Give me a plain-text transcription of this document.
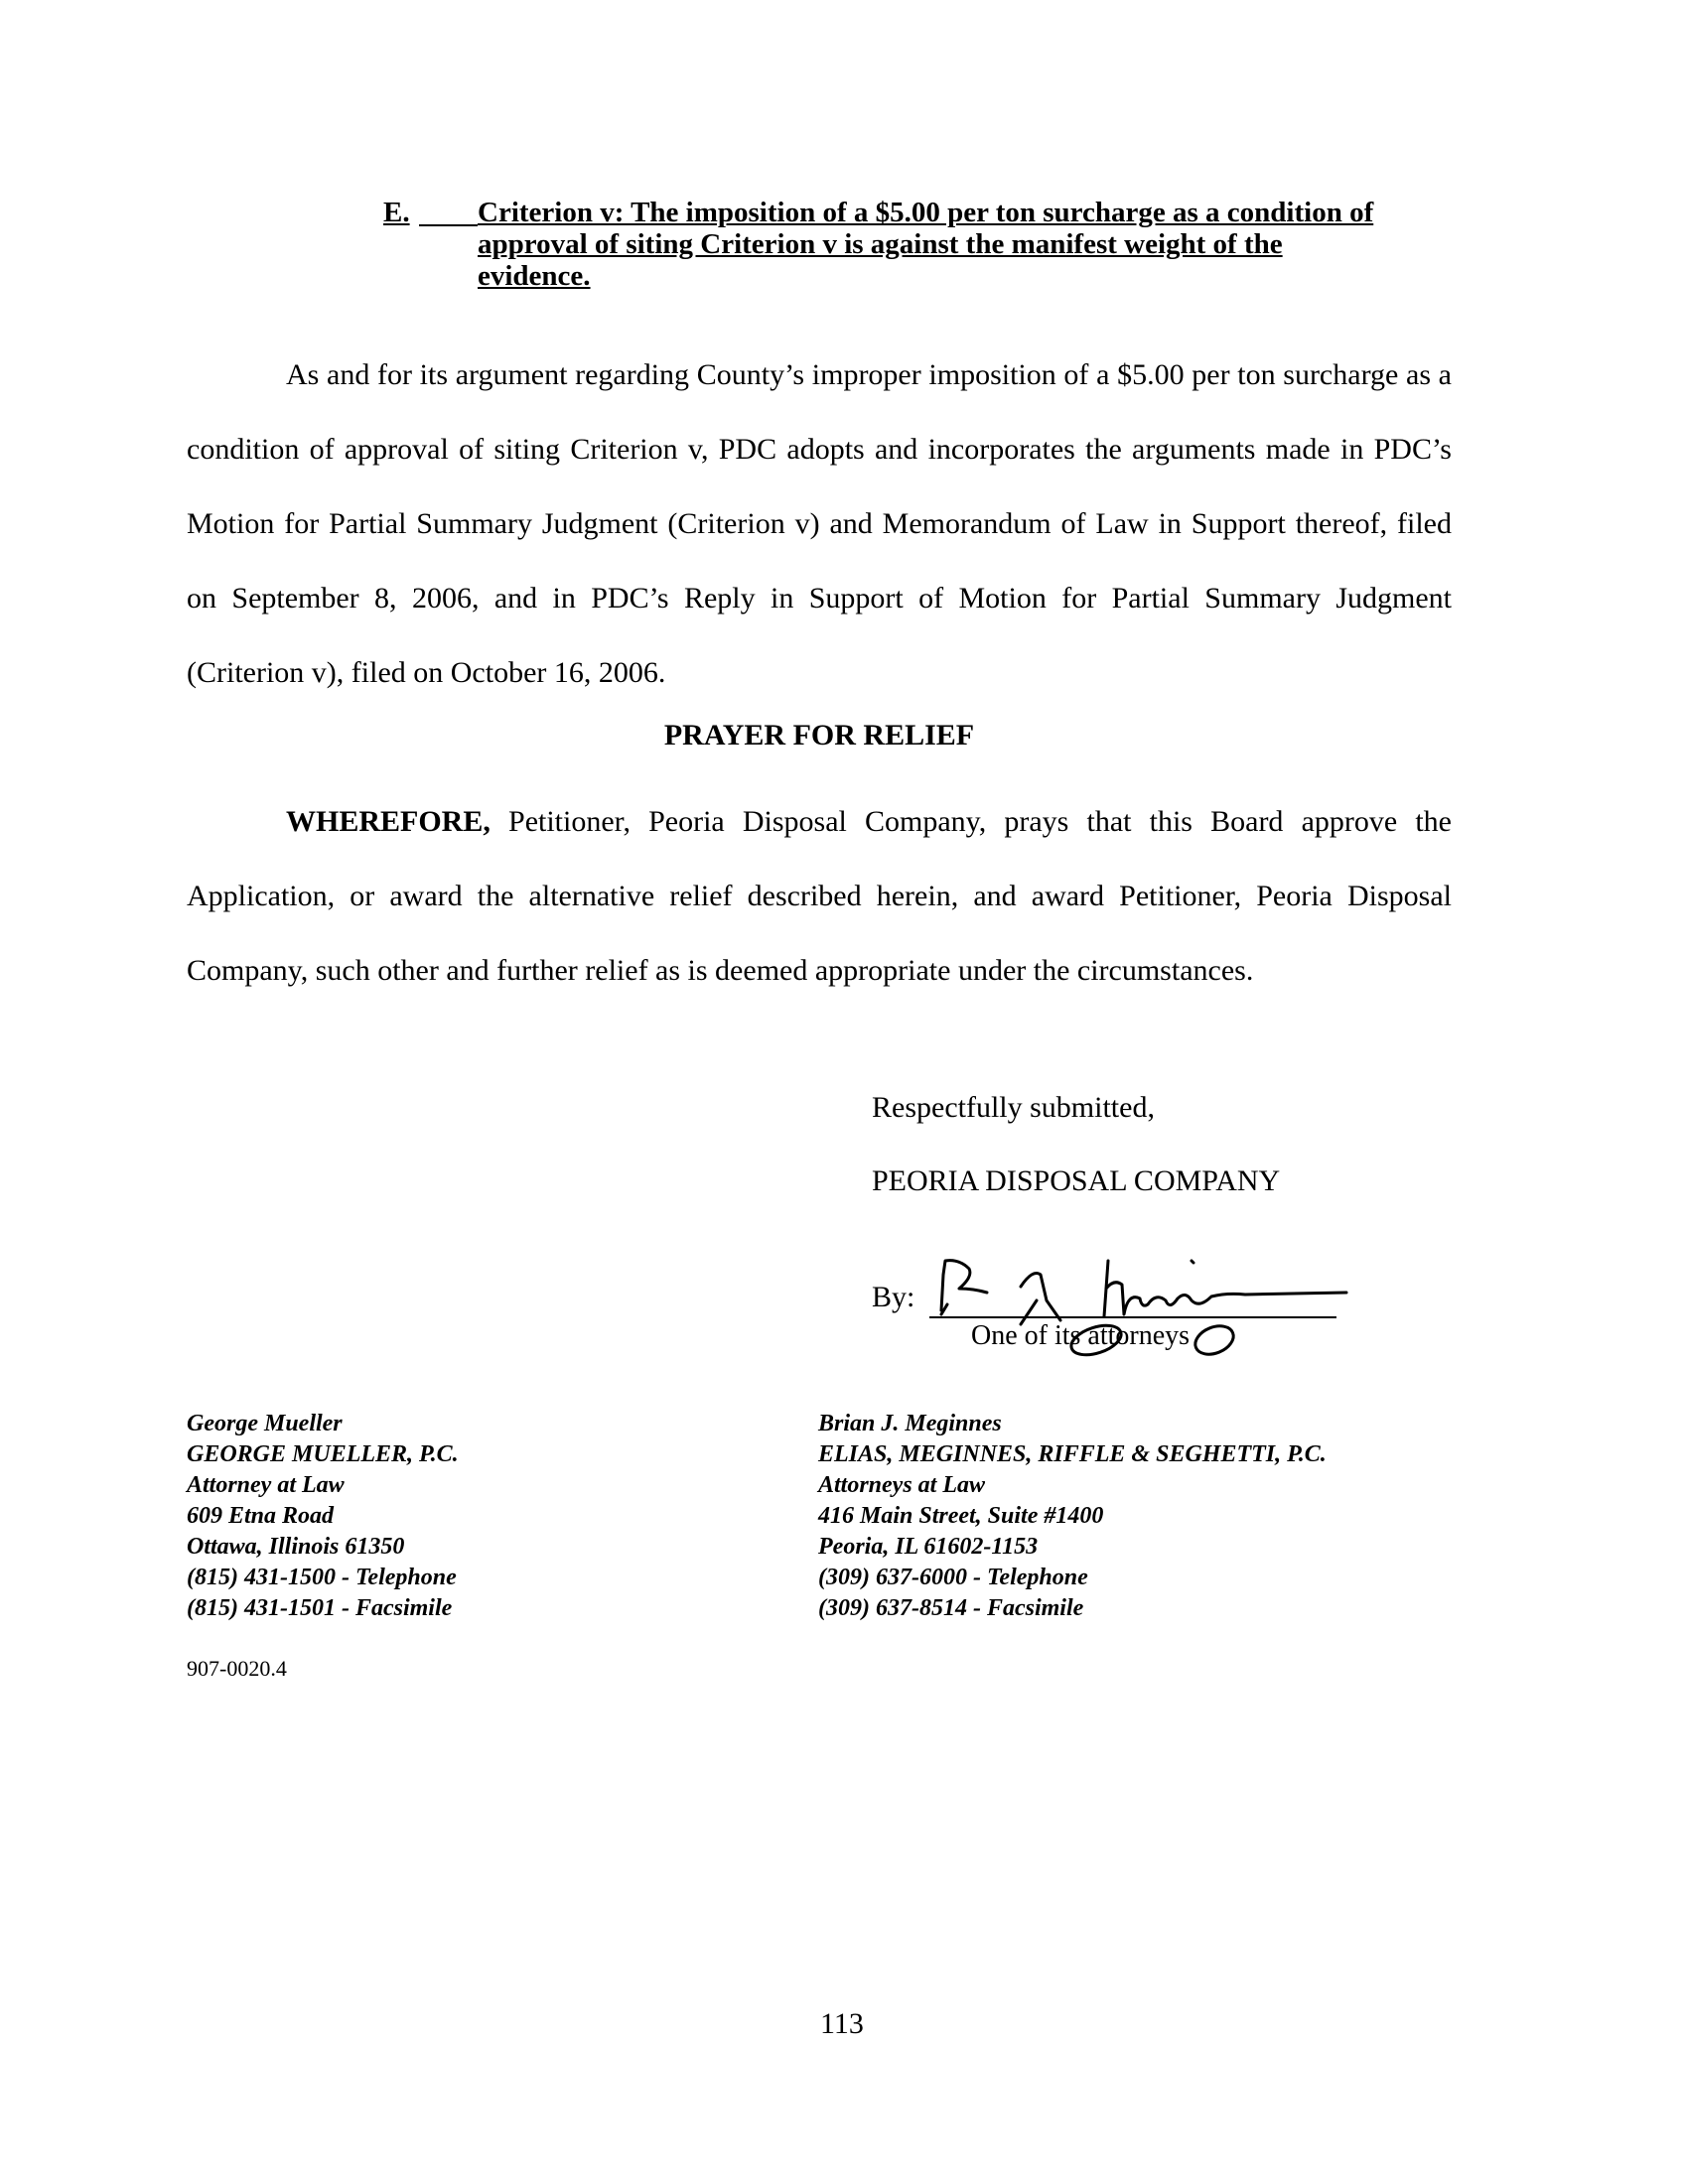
E. Criterion v: The imposition of a $5.00 per ton surcharge as a condition of approval of siting Criterion v is against the manifest weight of the evidence.

As and for its argument regarding County’s improper imposition of a $5.00 per ton surcharge as a condition of approval of siting Criterion v, PDC adopts and incorporates the arguments made in PDC’s Motion for Partial Summary Judgment (Criterion v) and Memorandum of Law in Support thereof, filed on September 8, 2006, and in PDC’s Reply in Support of Motion for Partial Summary Judgment (Criterion v), filed on October 16, 2006.

PRAYER FOR RELIEF

WHEREFORE, Petitioner, Peoria Disposal Company, prays that this Board approve the Application, or award the alternative relief described herein, and award Petitioner, Peoria Disposal Company, such other and further relief as is deemed appropriate under the circumstances.

Respectfully submitted,
PEORIA DISPOSAL COMPANY
By:
One of its attorneys
George Mueller
GEORGE MUELLER, P.C.
Attorney at Law
609 Etna Road
Ottawa, Illinois 61350
(815) 431-1500 - Telephone
(815) 431-1501 - Facsimile
Brian J. Meginnes
ELIAS, MEGINNES, RIFFLE & SEGHETTI, P.C.
Attorneys at Law
416 Main Street, Suite #1400
Peoria, IL 61602-1153
(309) 637-6000 - Telephone
(309) 637-8514 - Facsimile
907-0020.4
113
